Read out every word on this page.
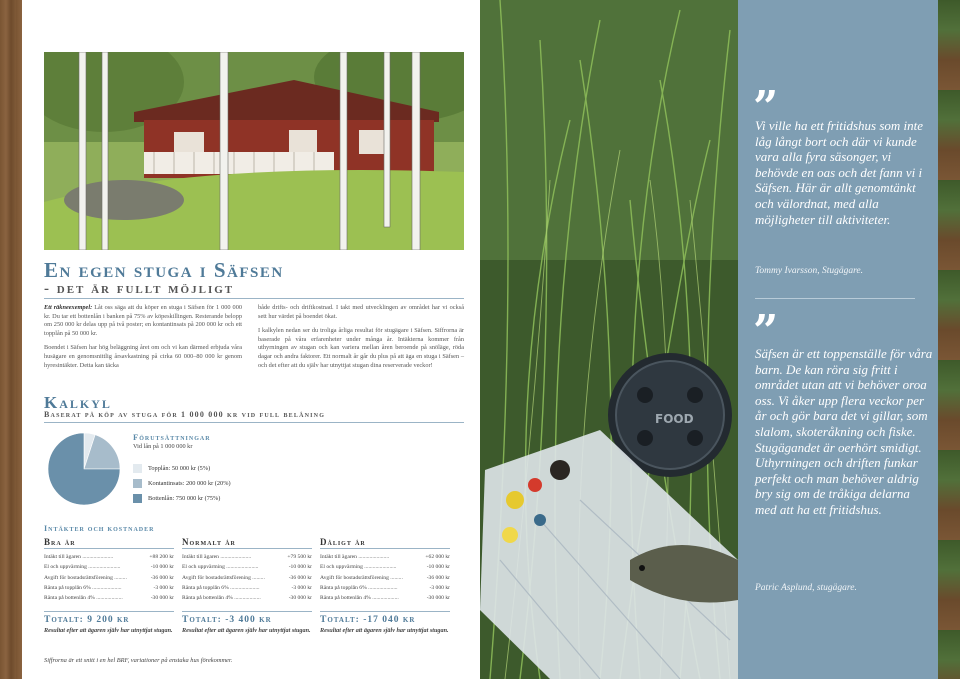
En egen stuga i Säfsen
- det är fullt möjligt

Ett räkneexempel: Låt oss säga att du köper en stuga i Säfsen för 1 000 000 kr. Du tar ett bottenlån i banken på 75% av köpeskillingen. Resterande belopp om 250 000 kr delas upp på två poster; en kontantinsats på 200 000 kr och ett topplån på 50 000 kr.

Boendet i Säfsen har hög beläggning året om och vi kan därmed erbjuda våra husägare en genomsnittlig årsavkastning på cirka 60 000–80 000 kr genom hyresintäkter. Detta kan täcka

både drifts- och driftkostnad. I takt med utvecklingen av området har vi också sett hur värdet på boendet ökat.

I kalkylen nedan ser du troliga årliga resultat för stugägare i Säfsen. Siffrorna är baserade på våra erfarenheter under många år. Intäkterna kommer från uthyrningen av stugan och kan variera mellan åren beroende på snöläge, röda dagar och andra faktorer. Ett normalt år går du plus på att äga en stuga i Säfsen – och det efter att du själv har utnyttjat stugan dina reserverade veckor!

Kalkyl
Baserat på köp av stuga för 1 000 000 kr vid full belåning
Förutsättningar
Vid lån på 1 000 000 kr
Topplån: 50 000 kr (5%)
Kontantinsats: 200 000 kr (20%)
Bottenlån: 750 000 kr (75%)
Intäkter och kostnader
Bra år
Intäkt till ägaren ......................	+88 200 kr
El och uppvärming .......................	-10 000 kr
Avgift för bostadsrättsförening .........	-36 000 kr
Ränta på topplån 6% .....................	-3 000 kr
Ränta på bottenlån 4% ...................	-30 000 kr
Totalt: 9 200 kr
Resultat efter att ägaren själv har utnyttjat stugan.
Normalt år
Intäkt till ägaren ......................	+79 500 kr
El och uppvärming .......................	-10 000 kr
Avgift för bostadsrättsförening .........	-36 000 kr
Ränta på topplån 6% .....................	-3 000 kr
Ränta på bottenlån 4% ...................	-30 000 kr
Totalt: -3 400 kr
Resultat efter att ägaren själv har utnyttjat stugan.
Dåligt år
Intäkt till ägaren ......................	+62 000 kr
El och uppvärming .......................	-10 000 kr
Avgift för bostadsrättsförening .........	-36 000 kr
Ränta på topplån 6% .....................	-3 000 kr
Ränta på bottenlån 4% ...................	-30 000 kr
Totalt: -17 040 kr
Resultat efter att ägaren själv har utnyttjat stugan.
Siffrorna är ett snitt i en hel BRF, variationer på enstaka hus förekommer.
FOOD
”
Vi ville ha ett fritidshus som inte låg långt bort och där vi kunde vara alla fyra säsonger, vi behövde en oas och det fann vi i Säfsen. Här är allt genomtänkt och välordnat, med alla möjligheter till aktiviteter.
Tommy Ivarsson, Stugägare.
”
Säfsen är ett toppenställe för våra barn. De kan röra sig fritt i området utan att vi behöver oroa oss. Vi åker upp flera veckor per år och gör bara det vi gillar, som slalom, skoteråkning och fiske. Stugägandet är oerhört smidigt. Uthyrningen och driften funkar perfekt och man behöver aldrig bry sig om de tråkiga delarna med att ha ett fritidshus.
Patric Asplund, stugägare.
